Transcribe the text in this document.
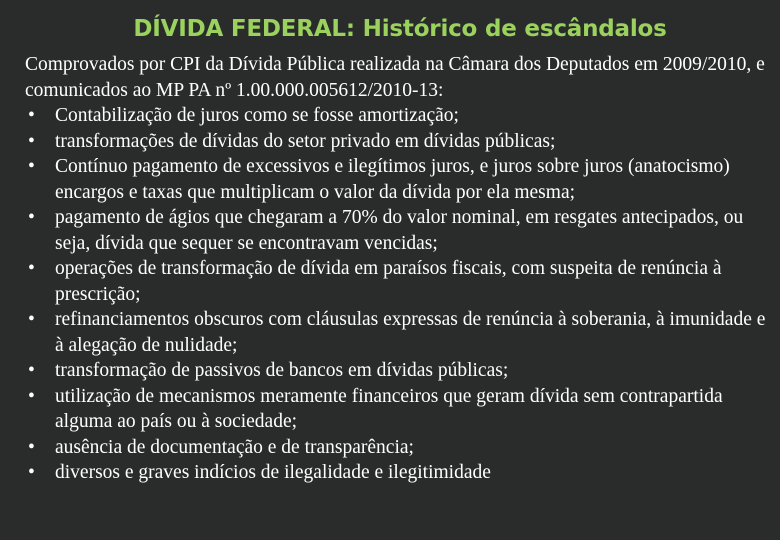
DÍVIDA FEDERAL: Histórico de escândalos

Comprovados por CPI da Dívida Pública realizada na Câmara dos Deputados em 2009/2010, e comunicados ao MP PA nº 1.00.000.005612/2010-13:

• Contabilização de juros como se fosse amortização;
• transformações de dívidas do setor privado em dívidas públicas;
• Contínuo pagamento de excessivos e ilegítimos juros, e juros sobre juros (anatocismo) encargos e taxas que multiplicam o valor da dívida por ela mesma;
• pagamento de ágios que chegaram a 70% do valor nominal, em resgates antecipados, ou seja, dívida que sequer se encontravam vencidas;
• operações de transformação de dívida em paraísos fiscais, com suspeita de renúncia à prescrição;
• refinanciamentos obscuros com cláusulas expressas de renúncia à soberania, à imunidade e à alegação de nulidade;
• transformação de passivos de bancos em dívidas públicas;
• utilização de mecanismos meramente financeiros que geram dívida sem contrapartida alguma ao país ou à sociedade;
• ausência de documentação e de transparência;
• diversos e graves indícios de ilegalidade e ilegitimidade
